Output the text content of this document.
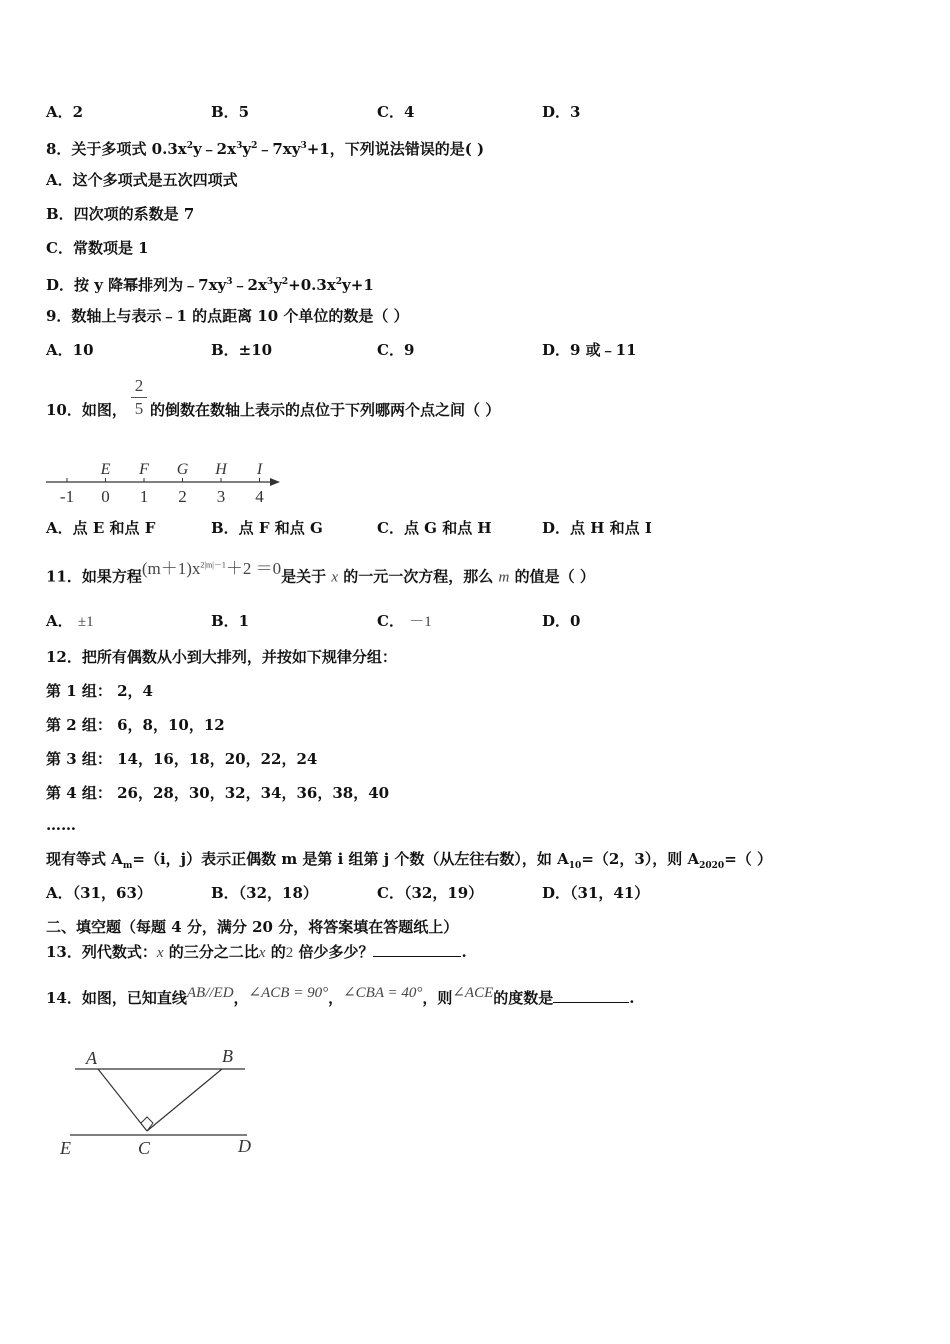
A．2	B．5	C．4	D．3
8．关于多项式 $0.3x^2y﹣2x^3y^2﹣7xy^3+1$，下列说法错误的是( )
A．这个多项式是五次四项式
B．四次项的系数是 7
C．常数项是 1
D．按 y 降幂排列为$﹣7xy^3﹣2x^3y^2+0.3x^2y+1$
9．数轴上与表示﹣1 的点距离 10 个单位的数是（ ）
A．10	B．±10	C．9	D．9 或﹣11
10．如图，
2
5 的倒数在数轴上表示的点位于下列哪两个点之间（ ）
-1 0 1 2 3 4
E F G H I
A．点 E 和点 F	B．点 F 和点 G	C．点 G 和点 H	D．点 H 和点 I
11．如果方程$(m+1)x^{2|m|-1}+2 =0$是关于 x 的一元一次方程，那么 m 的值是（ ）
A． ±1	B．1	C． －1	D．0
12．把所有偶数从小到大排列，并按如下规律分组：
第 1 组： 2，4
第 2 组： 6，8，10，12
第 3 组： 14，16，18，20，22，24
第 4 组： 26，28，30，32，34，36，38，40
……
现有等式 $A_m=(i$，j）表示正偶数 m 是第 i 组第 j 个数（从左往右数），如 $A_{10}=(2$，3），则 $A_{2020}=$（ ）
A．（31，63）	B．（32，18）	C．（32，19）	D．（31，41）
二、填空题（每题 4 分，满分 20 分，将答案填在答题纸上）
13．列代数式：x 的三分之二比x 的2 倍少多少？	.
14．如图，已知直线AB//ED，∠ACB = 90°，∠CBA = 40°，则∠ACE的度数是	.
A	B
C	D
E
